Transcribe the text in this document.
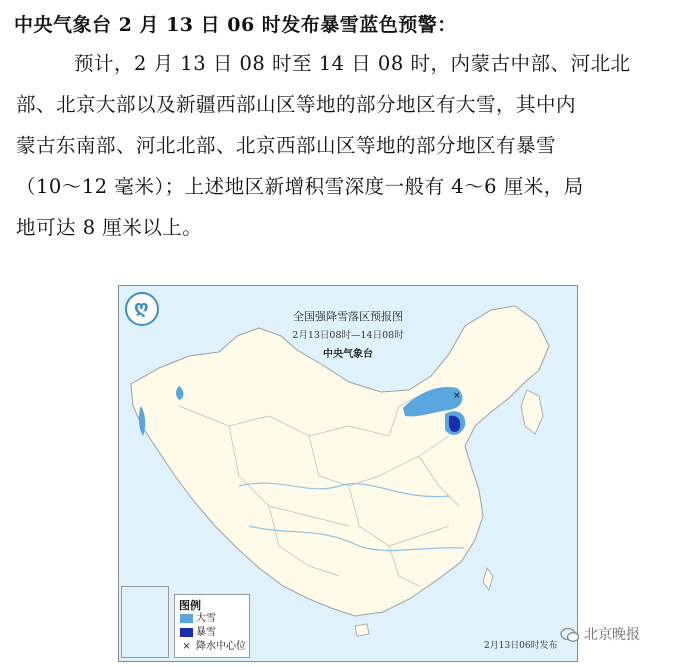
中央气象台 2 月 13 日 06 时发布暴雪蓝色预警：

预计，2 月 13 日 08 时至 14 日 08 时，内蒙古中部、河北北

部、北京大部以及新疆西部山区等地的部分地区有大雪，其中内

蒙古东南部、河北北部、北京西部山区等地的部分地区有暴雪

（10～12 毫米）；上述地区新增积雪深度一般有 4～6 厘米，局

地可达 8 厘米以上。

×
ღ	全国强降雪落区预报图
2月13日08时—14日08时
中央气象台
图例
大雪
暴雪
× 降水中心位	2月13日06时发布
北京晚报
